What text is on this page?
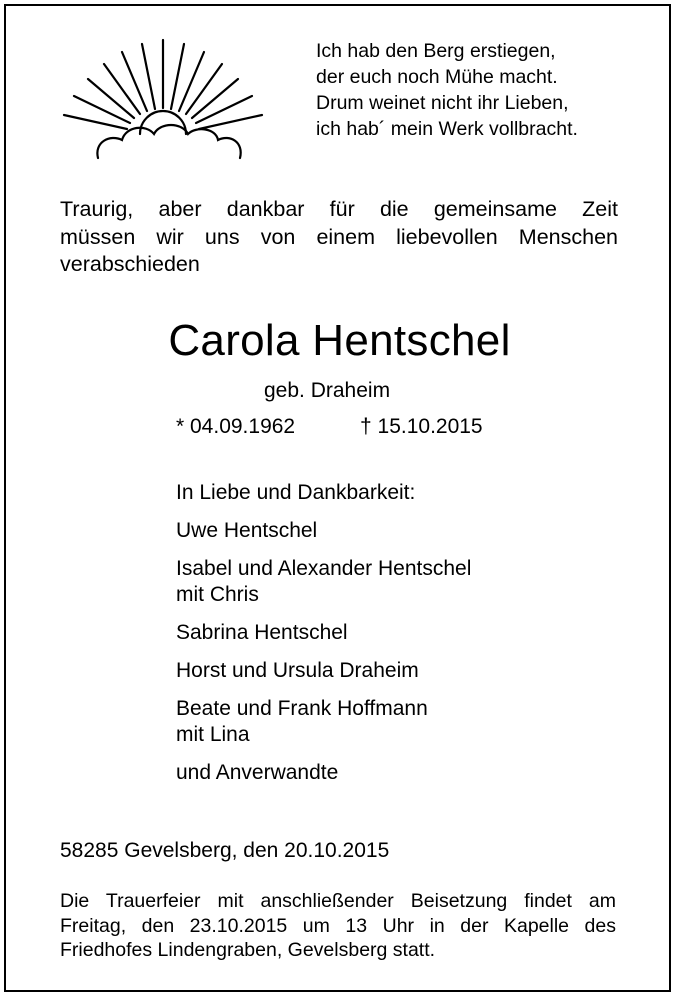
Ich hab den Berg erstiegen,
der euch noch Mühe macht.
Drum weinet nicht ihr Lieben,
ich hab´ mein Werk vollbracht.
Traurig, aber dankbar für die gemeinsame Zeit
müssen wir uns von einem liebevollen Menschen
verabschieden
Carola Hentschel
geb. Draheim
* 04.09.1962	† 15.10.2015
In Liebe und Dankbarkeit:
Uwe Hentschel
Isabel und Alexander Hentschel
mit Chris
Sabrina Hentschel
Horst und Ursula Draheim
Beate und Frank Hoffmann
mit Lina
und Anverwandte
58285 Gevelsberg, den 20.10.2015
Die Trauerfeier mit anschließender Beisetzung findet am
Freitag, den 23.10.2015 um 13 Uhr in der Kapelle des
Friedhofes Lindengraben, Gevelsberg statt.
